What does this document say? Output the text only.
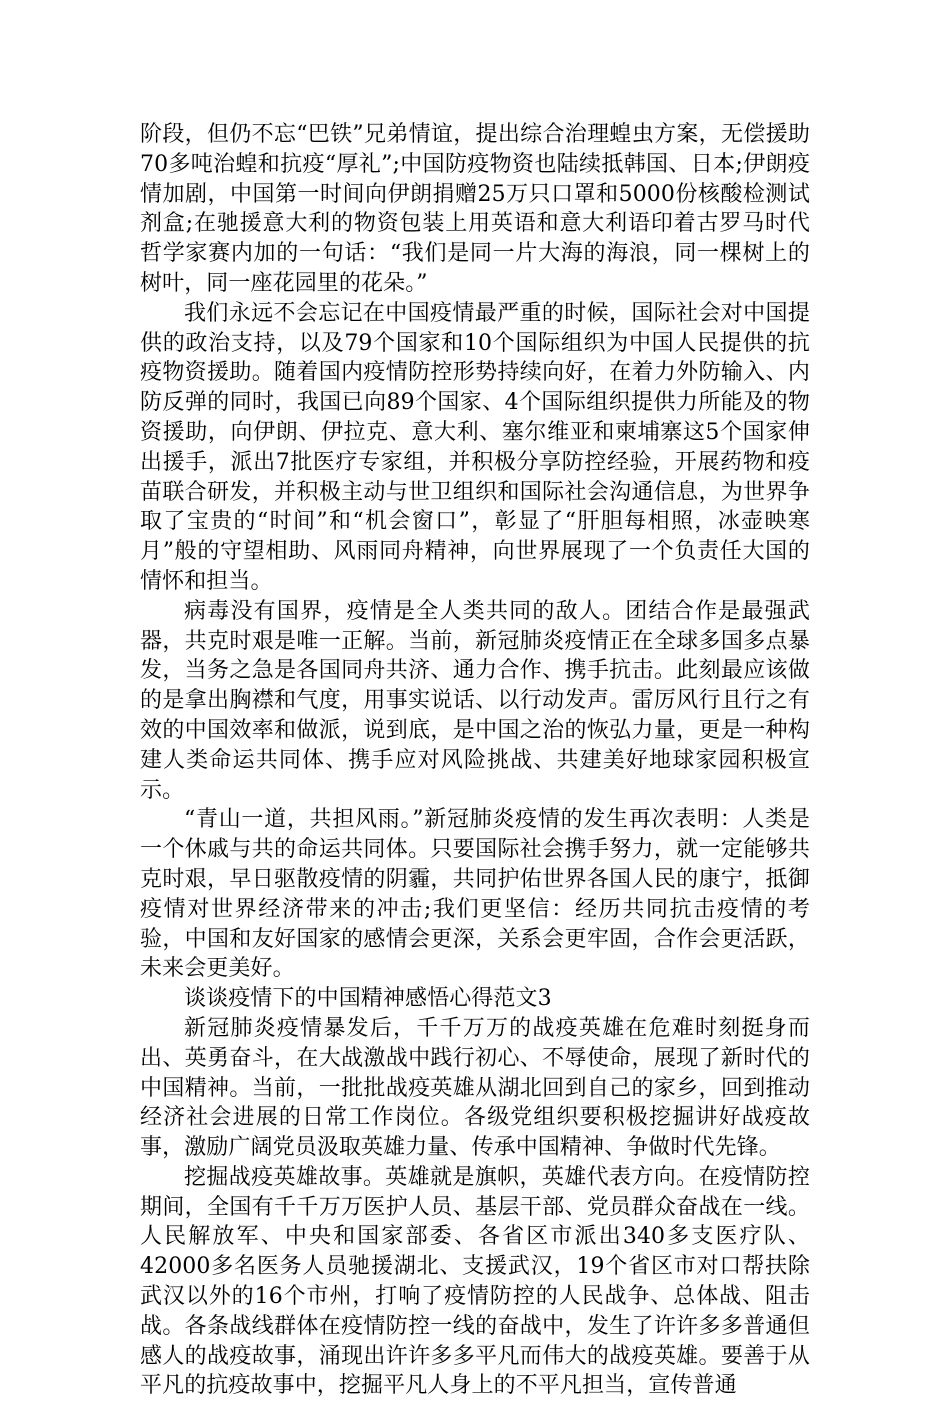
阶段，但仍不忘“巴铁”兄弟情谊，提出综合治理蝗虫方案，无偿援助70多吨治蝗和抗疫“厚礼”;中国防疫物资也陆续抵韩国、日本;伊朗疫情加剧，中国第一时间向伊朗捐赠25万只口罩和5000份核酸检测试剂盒;在驰援意大利的物资包装上用英语和意大利语印着古罗马时代哲学家赛内加的一句话：“我们是同一片大海的海浪，同一棵树上的树叶，同一座花园里的花朵。”

我们永远不会忘记在中国疫情最严重的时候，国际社会对中国提供的政治支持，以及79个国家和10个国际组织为中国人民提供的抗疫物资援助。随着国内疫情防控形势持续向好，在着力外防输入、内防反弹的同时，我国已向89个国家、4个国际组织提供力所能及的物资援助，向伊朗、伊拉克、意大利、塞尔维亚和柬埔寨这5个国家伸出援手，派出7批医疗专家组，并积极分享防控经验，开展药物和疫苗联合研发，并积极主动与世卫组织和国际社会沟通信息，为世界争取了宝贵的“时间”和“机会窗口”，彰显了“肝胆每相照，冰壶映寒月”般的守望相助、风雨同舟精神，向世界展现了一个负责任大国的情怀和担当。

病毒没有国界，疫情是全人类共同的敌人。团结合作是最强武器，共克时艰是唯一正解。当前，新冠肺炎疫情正在全球多国多点暴发，当务之急是各国同舟共济、通力合作、携手抗击。此刻最应该做的是拿出胸襟和气度，用事实说话、以行动发声。雷厉风行且行之有效的中国效率和做派，说到底，是中国之治的恢弘力量，更是一种构建人类命运共同体、携手应对风险挑战、共建美好地球家园积极宣示。

“青山一道，共担风雨。”新冠肺炎疫情的发生再次表明：人类是一个休戚与共的命运共同体。只要国际社会携手努力，就一定能够共克时艰，早日驱散疫情的阴霾，共同护佑世界各国人民的康宁，抵御疫情对世界经济带来的冲击;我们更坚信：经历共同抗击疫情的考验，中国和友好国家的感情会更深，关系会更牢固，合作会更活跃，未来会更美好。

谈谈疫情下的中国精神感悟心得范文3

新冠肺炎疫情暴发后，千千万万的战疫英雄在危难时刻挺身而出、英勇奋斗，在大战激战中践行初心、不辱使命，展现了新时代的中国精神。当前，一批批战疫英雄从湖北回到自己的家乡，回到推动经济社会进展的日常工作岗位。各级党组织要积极挖掘讲好战疫故事，激励广阔党员汲取英雄力量、传承中国精神、争做时代先锋。

挖掘战疫英雄故事。英雄就是旗帜，英雄代表方向。在疫情防控期间，全国有千千万万医护人员、基层干部、党员群众奋战在一线。人民解放军、中央和国家部委、各省区市派出340多支医疗队、42000多名医务人员驰援湖北、支援武汉，19个省区市对口帮扶除武汉以外的16个市州，打响了疫情防控的人民战争、总体战、阻击战。各条战线群体在疫情防控一线的奋战中，发生了许许多多普通但感人的战疫故事，涌现出许许多多平凡而伟大的战疫英雄。要善于从平凡的抗疫故事中，挖掘平凡人身上的不平凡担当，宣传普通
